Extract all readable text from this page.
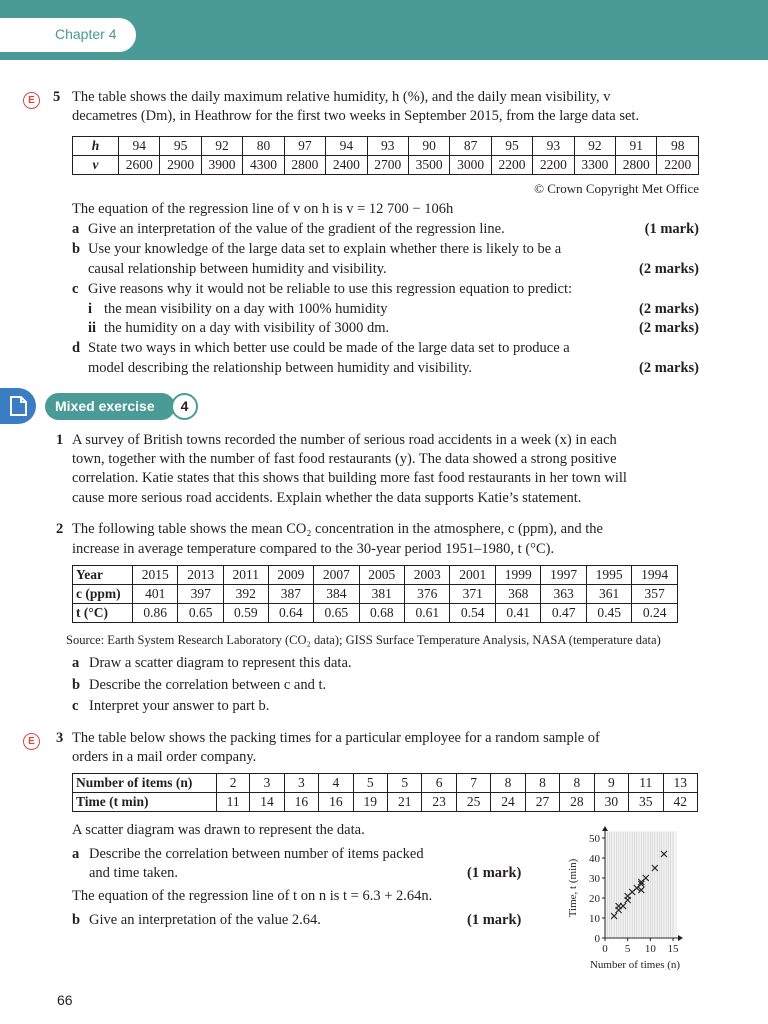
Chapter 4
E	5 The table shows the daily maximum relative humidity, h (%), and the daily mean visibility, v
decametres (Dm), in Heathrow for the first two weeks in September 2015, from the large data set.
h	94	95	92	80	97	94	93	90	87	95	93	92	91	98
v	2600	2900	3900	4300	2800	2400	2700	3500	3000	2200	2200	3300	2800	2200
© Crown Copyright Met Office
The equation of the regression line of v on h is v = 12 700 − 106h
a Give an interpretation of the value of the gradient of the regression line.	(1 mark)
b Use your knowledge of the large data set to explain whether there is likely to be a
causal relationship between humidity and visibility.	(2 marks)
c Give reasons why it would not be reliable to use this regression equation to predict:
i the mean visibility on a day with 100% humidity	(2 marks)
ii the humidity on a day with visibility of 3000 dm.	(2 marks)
d State two ways in which better use could be made of the large data set to produce a
model describing the relationship between humidity and visibility.	(2 marks)
Mixed exercise	4
1 A survey of British towns recorded the number of serious road accidents in a week (x) in each
town, together with the number of fast food restaurants (y). The data showed a strong positive
correlation. Katie states that this shows that building more fast food restaurants in her town will
cause more serious road accidents. Explain whether the data supports Katie’s statement.
2 The following table shows the mean CO₂ concentration in the atmosphere, c (ppm), and the
increase in average temperature compared to the 30-year period 1951–1980, t (°C).
Year	2015	2013	2011	2009	2007	2005	2003	2001	1999	1997	1995	1994
c (ppm)	401	397	392	387	384	381	376	371	368	363	361	357
t (°C)	0.86	0.65	0.59	0.64	0.65	0.68	0.61	0.54	0.41	0.47	0.45	0.24
Source: Earth System Research Laboratory (CO₂ data); GISS Surface Temperature Analysis, NASA (temperature data)
a Draw a scatter diagram to represent this data.
b Describe the correlation between c and t.
c Interpret your answer to part b.
E	3 The table below shows the packing times for a particular employee for a random sample of
orders in a mail order company.
Number of items (n)	2	3	3	4	5	5	6	7	8	8	8	9	11	13
Time (t min)	11	14	16	16	19	21	23	25	24	27	28	30	35	42
A scatter diagram was drawn to represent the data.
a Describe the correlation between number of items packed
and time taken.	(1 mark)
The equation of the regression line of t on n is t = 6.3 + 2.64n.
b Give an interpretation of the value 2.64.	(1 mark)
0 5 10 15
0
10
20
30
40
50
Number of times (n)
Time, t (min)
66
